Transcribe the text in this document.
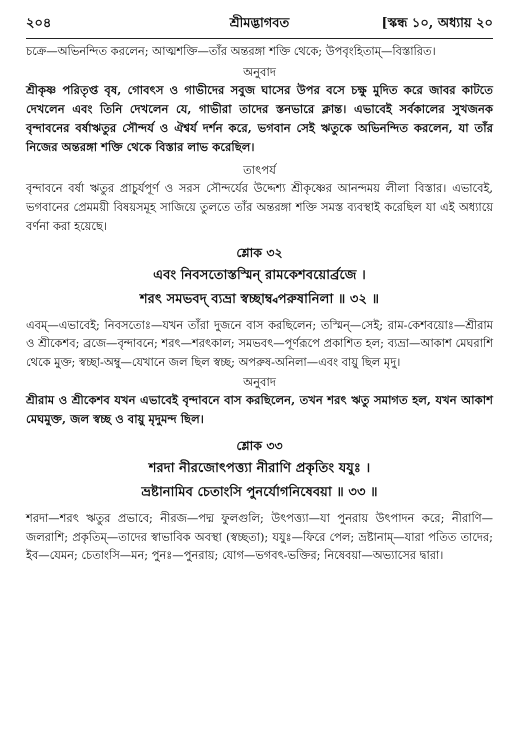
২০৪	শ্রীমদ্ভাগবত	[স্কন্ধ ১০, অধ্যায় ২০

চক্রে—অভিনন্দিত করলেন; আত্মশক্তি—তাঁর অন্তরঙ্গা শক্তি থেকে; উপবৃংহিতাম্—বিস্তারিত।

অনুবাদ

শ্রীকৃষ্ণ পরিতৃপ্ত বৃষ, গোবৎস ও গাভীদের সবুজ ঘাসের উপর বসে চক্ষু মুদিত করে জাবর কাটতে দেখলেন এবং তিনি দেখলেন যে, গাভীরা তাদের স্তনভারে ক্লান্ত। এভাবেই সর্বকালের সুখজনক বৃন্দাবনের বর্ষাঋতুর সৌন্দর্য ও ঐশ্বর্য দর্শন করে, ভগবান সেই ঋতুকে অভিনন্দিত করলেন, যা তাঁর নিজের অন্তরঙ্গা শক্তি থেকে বিস্তার লাভ করেছিল।

তাৎপর্য

বৃন্দাবনে বর্ষা ঋতুর প্রাচুর্যপূর্ণ ও সরস সৌন্দর্যের উদ্দেশ্য শ্রীকৃষ্ণের আনন্দময় লীলা বিস্তার। এভাবেই, ভগবানের প্রেমময়ী বিষয়সমূহ সাজিয়ে তুলতে তাঁর অন্তরঙ্গা শক্তি সমস্ত ব্যবস্থাই করেছিল যা এই অধ্যায়ে বর্ণনা করা হয়েছে।

শ্লোক ৩২
এবং নিবসতোস্তস্মিন্ রামকেশবয়োর্ব্রজে ।
শরৎ সমভবদ্ ব্যভ্রা স্বচ্ছাম্ব্বপরুষানিলা ॥ ৩২ ॥

এবম্—এভাবেই; নিবসতোঃ—যখন তাঁরা দুজনে বাস করছিলেন; তস্মিন্—সেই; রাম-কেশবয়োঃ—শ্রীরাম ও শ্রীকেশব; ব্রজে—বৃন্দাবনে; শরৎ—শরৎকাল; সমভবৎ—পূর্ণরূপে প্রকাশিত হল; ব্যভ্রা—আকাশ মেঘরাশি থেকে মুক্ত; স্বচ্ছা-অম্বু—যেখানে জল ছিল স্বচ্ছ; অপরুষ-অনিলা—এবং বায়ু ছিল মৃদু।

অনুবাদ

শ্রীরাম ও শ্রীকেশব যখন এভাবেই বৃন্দাবনে বাস করছিলেন, তখন শরৎ ঋতু সমাগত হল, যখন আকাশ মেঘমুক্ত, জল স্বচ্ছ ও বায়ু মৃদুমন্দ ছিল।

শ্লোক ৩৩
শরদা নীরজোৎপত্ত্যা নীরাণি প্রকৃতিং যযুঃ ।
ভ্রষ্টানামিব চেতাংসি পুনর্যোগনিষেবয়া ॥ ৩৩ ॥

শরদা—শরৎ ঋতুর প্রভাবে; নীরজ—পদ্ম ফুলগুলি; উৎপত্ত্যা—যা পুনরায় উৎপাদন করে; নীরাণি—জলরাশি; প্রকৃতিম্—তাদের স্বাভাবিক অবস্থা (স্বচ্ছতা); যযুঃ—ফিরে পেল; ভ্রষ্টানাম্—যারা পতিত তাদের; ইব—যেমন; চেতাংসি—মন; পুনঃ—পুনরায়; যোগ—ভগবৎ-ভক্তির; নিষেবয়া—অভ্যাসের দ্বারা।
